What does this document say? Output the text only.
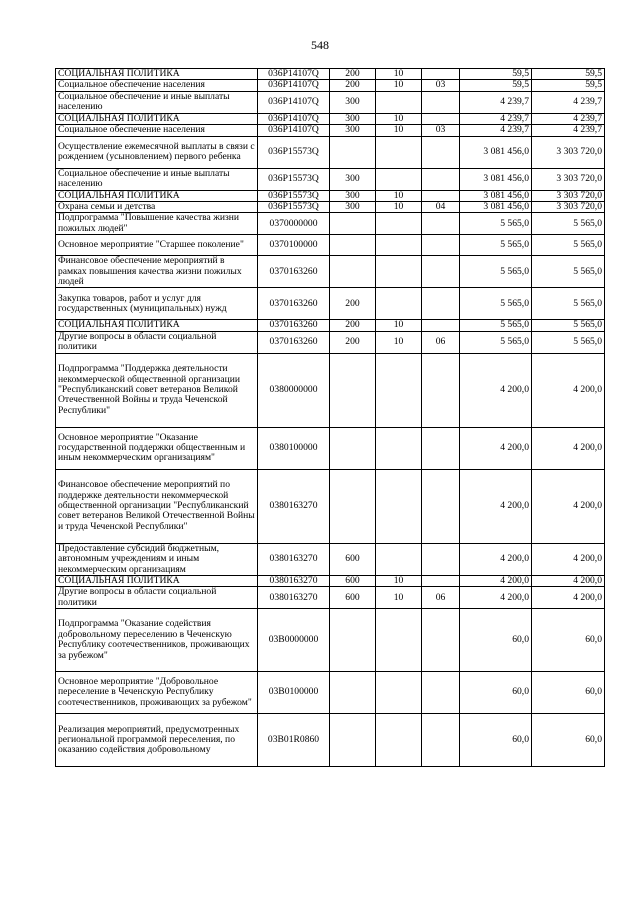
548
СОЦИАЛЬНАЯ ПОЛИТИКА	036P14107Q	200	10		59,5	59,5
Социальное обеспечение населения	036P14107Q	200	10	03	59,5	59,5
Социальное обеспечение и иные выплаты населению	036P14107Q	300			4 239,7	4 239,7
СОЦИАЛЬНАЯ ПОЛИТИКА	036P14107Q	300	10		4 239,7	4 239,7
Социальное обеспечение населения	036P14107Q	300	10	03	4 239,7	4 239,7
Осуществление ежемесячной выплаты в связи с рождением (усыновлением) первого ребенка	036P15573Q				3 081 456,0	3 303 720,0
Социальное обеспечение и иные выплаты населению	036P15573Q	300			3 081 456,0	3 303 720,0
СОЦИАЛЬНАЯ ПОЛИТИКА	036P15573Q	300	10		3 081 456,0	3 303 720,0
Охрана семьи и детства	036P15573Q	300	10	04	3 081 456,0	3 303 720,0
Подпрограмма "Повышение качества жизни пожилых людей"	0370000000				5 565,0	5 565,0
Основное мероприятие "Старшее поколение"	0370100000				5 565,0	5 565,0
Финансовое обеспечение мероприятий в рамках повышения качества жизни пожилых людей	0370163260				5 565,0	5 565,0
Закупка товаров, работ и услуг для государственных (муниципальных) нужд	0370163260	200			5 565,0	5 565,0
СОЦИАЛЬНАЯ ПОЛИТИКА	0370163260	200	10		5 565,0	5 565,0
Другие вопросы в области социальной политики	0370163260	200	10	06	5 565,0	5 565,0
Подпрограмма "Поддержка деятельности некоммерческой общественной организации "Республиканский совет ветеранов Великой Отечественной Войны и труда Чеченской Республики"	0380000000				4 200,0	4 200,0
Основное мероприятие "Оказание государственной поддержки общественным и иным некоммерческим организациям"	0380100000				4 200,0	4 200,0
Финансовое обеспечение мероприятий по поддержке деятельности некоммерческой общественной организации "Республиканский совет ветеранов Великой Отечественной Войны и труда Чеченской Республики"	0380163270				4 200,0	4 200,0
Предоставление субсидий бюджетным, автономным учреждениям и иным некоммерческим организациям	0380163270	600			4 200,0	4 200,0
СОЦИАЛЬНАЯ ПОЛИТИКА	0380163270	600	10		4 200,0	4 200,0
Другие вопросы в области социальной политики	0380163270	600	10	06	4 200,0	4 200,0
Подпрограмма "Оказание содействия добровольному переселению в Чеченскую Республику соотечественников, проживающих за рубежом"	03B0000000				60,0	60,0
Основное мероприятие "Добровольное переселение в Чеченскую Республику соотечественников, проживающих за рубежом"	03B0100000				60,0	60,0
Реализация мероприятий, предусмотренных региональной программой переселения, по оказанию содействия добровольному	03B01R0860				60,0	60,0
